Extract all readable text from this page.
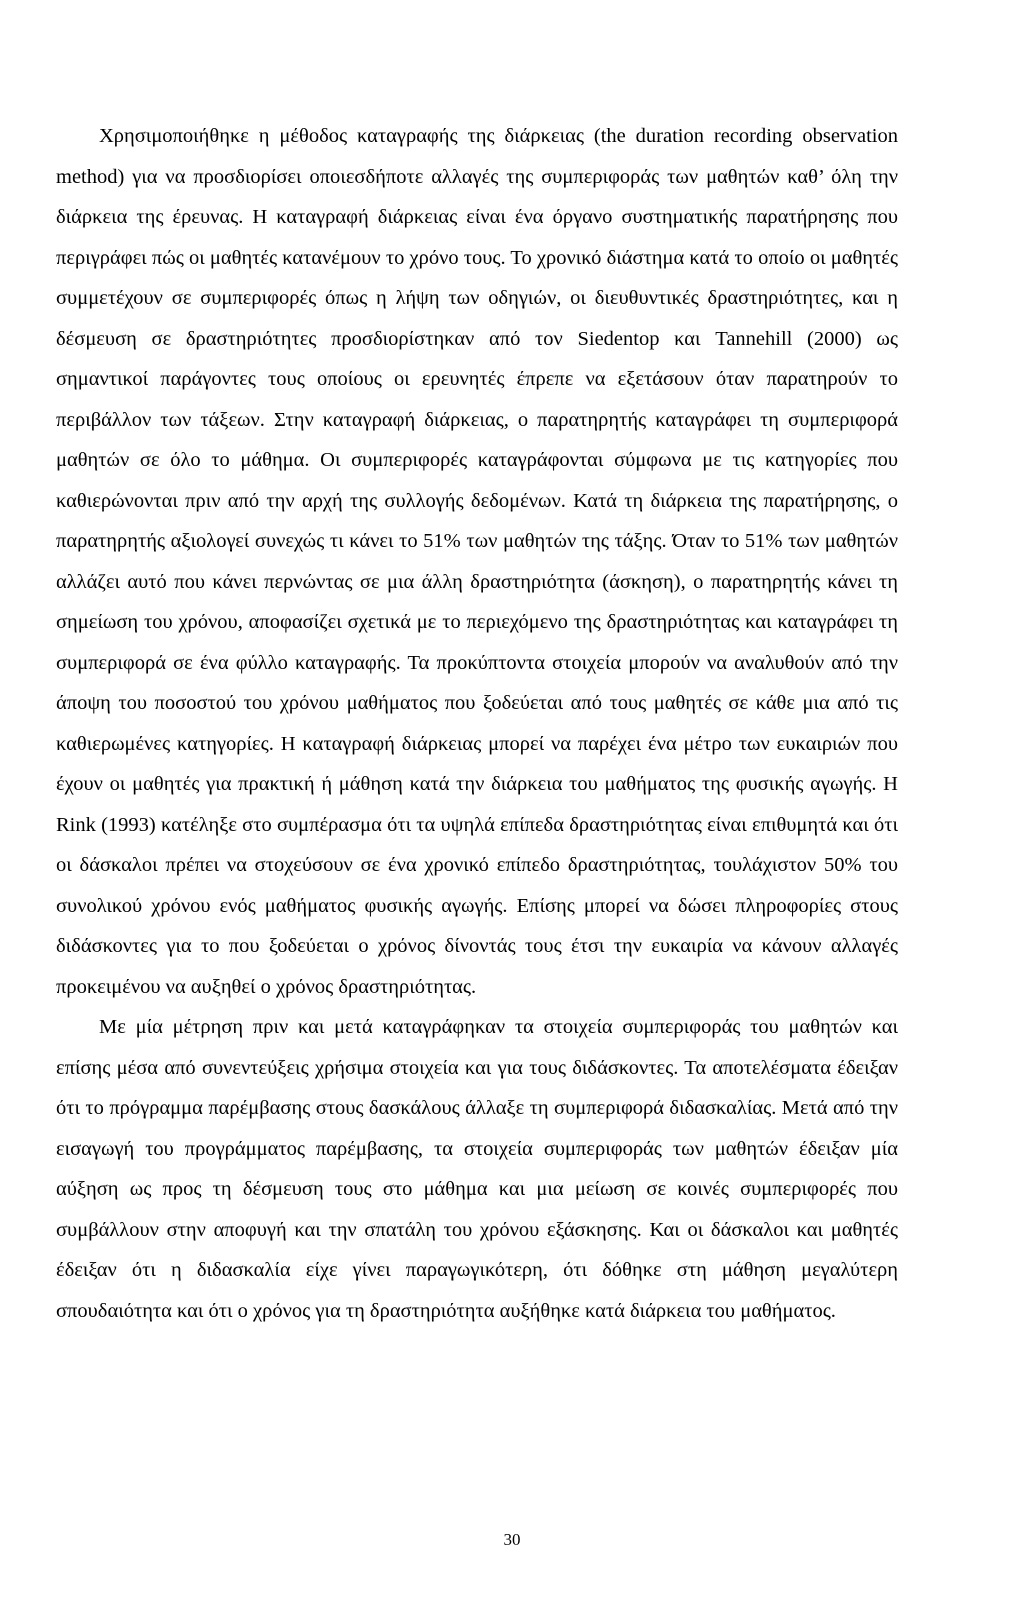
Χρησιμοποιήθηκε η μέθοδος καταγραφής της διάρκειας (the duration recording observation method) για να προσδιορίσει οποιεσδήποτε αλλαγές της συμπεριφοράς των μαθητών καθ’ όλη την διάρκεια της έρευνας. Η καταγραφή διάρκειας είναι ένα όργανο συστηματικής παρατήρησης που περιγράφει πώς οι μαθητές κατανέμουν το χρόνο τους. Το χρονικό διάστημα κατά το οποίο οι μαθητές συμμετέχουν σε συμπεριφορές όπως η λήψη των οδηγιών, οι διευθυντικές δραστηριότητες, και η δέσμευση σε δραστηριότητες προσδιορίστηκαν από τον Siedentop και Tannehill (2000) ως σημαντικοί παράγοντες τους οποίους οι ερευνητές έπρεπε να εξετάσουν όταν παρατηρούν το περιβάλλον των τάξεων. Στην καταγραφή διάρκειας, ο παρατηρητής καταγράφει τη συμπεριφορά μαθητών σε όλο το μάθημα. Οι συμπεριφορές καταγράφονται σύμφωνα με τις κατηγορίες που καθιερώνονται πριν από την αρχή της συλλογής δεδομένων. Κατά τη διάρκεια της παρατήρησης, ο παρατηρητής αξιολογεί συνεχώς τι κάνει το 51% των μαθητών της τάξης. Όταν το 51% των μαθητών αλλάζει αυτό που κάνει περνώντας σε μια άλλη δραστηριότητα (άσκηση), ο παρατηρητής κάνει τη σημείωση του χρόνου, αποφασίζει σχετικά με το περιεχόμενο της δραστηριότητας και καταγράφει τη συμπεριφορά σε ένα φύλλο καταγραφής. Τα προκύπτοντα στοιχεία μπορούν να αναλυθούν από την άποψη του ποσοστού του χρόνου μαθήματος που ξοδεύεται από τους μαθητές σε κάθε μια από τις καθιερωμένες κατηγορίες. Η καταγραφή διάρκειας μπορεί να παρέχει ένα μέτρο των ευκαιριών που έχουν οι μαθητές για πρακτική ή μάθηση κατά την διάρκεια του μαθήματος της φυσικής αγωγής. Η Rink (1993) κατέληξε στο συμπέρασμα ότι τα υψηλά επίπεδα δραστηριότητας είναι επιθυμητά και ότι οι δάσκαλοι πρέπει να στοχεύσουν σε ένα χρονικό επίπεδο δραστηριότητας, τουλάχιστον 50% του συνολικού χρόνου ενός μαθήματος φυσικής αγωγής. Επίσης μπορεί να δώσει πληροφορίες στους διδάσκοντες για το που ξοδεύεται ο χρόνος δίνοντάς τους έτσι την ευκαιρία να κάνουν αλλαγές προκειμένου να αυξηθεί ο χρόνος δραστηριότητας.

Με μία μέτρηση πριν και μετά καταγράφηκαν τα στοιχεία συμπεριφοράς του μαθητών και επίσης μέσα από συνεντεύξεις χρήσιμα στοιχεία και για τους διδάσκοντες. Τα αποτελέσματα έδειξαν ότι το πρόγραμμα παρέμβασης στους δασκάλους άλλαξε τη συμπεριφορά διδασκαλίας. Μετά από την εισαγωγή του προγράμματος παρέμβασης, τα στοιχεία συμπεριφοράς των μαθητών έδειξαν μία αύξηση ως προς τη δέσμευση τους στο μάθημα και μια μείωση σε κοινές συμπεριφορές που συμβάλλουν στην αποφυγή και την σπατάλη του χρόνου εξάσκησης. Και οι δάσκαλοι και μαθητές έδειξαν ότι η διδασκαλία είχε γίνει παραγωγικότερη, ότι δόθηκε στη μάθηση μεγαλύτερη σπουδαιότητα και ότι ο χρόνος για τη δραστηριότητα αυξήθηκε κατά διάρκεια του μαθήματος.

30
